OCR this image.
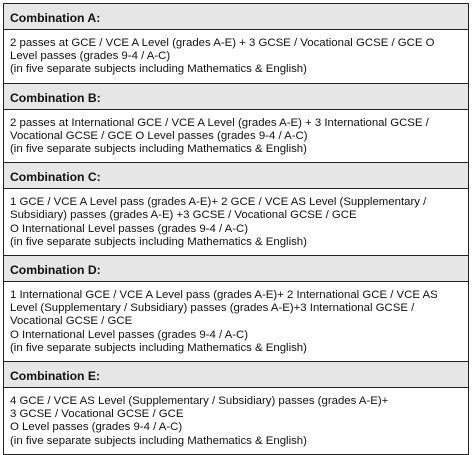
Combination A:
2 passes at GCE / VCE A Level (grades A-E) + 3 GCSE / Vocational GCSE / GCE O
Level passes (grades 9-4 / A-C)
(in five separate subjects including Mathematics & English)
Combination B:
2 passes at International GCE / VCE A Level (grades A-E) + 3 International GCSE /
Vocational GCSE / GCE O Level passes (grades 9-4 / A-C)
(in five separate subjects including Mathematics & English)
Combination C:
1 GCE / VCE A Level pass (grades A-E)+ 2 GCE / VCE AS Level (Supplementary /
Subsidiary) passes (grades A-E) +3 GCSE / Vocational GCSE / GCE
O International Level passes (grades 9-4 / A-C)
(in five separate subjects including Mathematics & English)
Combination D:
1 International GCE / VCE A Level pass (grades A-E)+ 2 International GCE / VCE AS
Level (Supplementary / Subsidiary) passes (grades A-E)+3 International GCSE /
Vocational GCSE / GCE
O International Level passes (grades 9-4 / A-C)
(in five separate subjects including Mathematics & English)
Combination E:
4 GCE / VCE AS Level (Supplementary / Subsidiary) passes (grades A-E)+
3 GCSE / Vocational GCSE / GCE
O Level passes (grades 9-4 / A-C)
(in five separate subjects including Mathematics & English)
